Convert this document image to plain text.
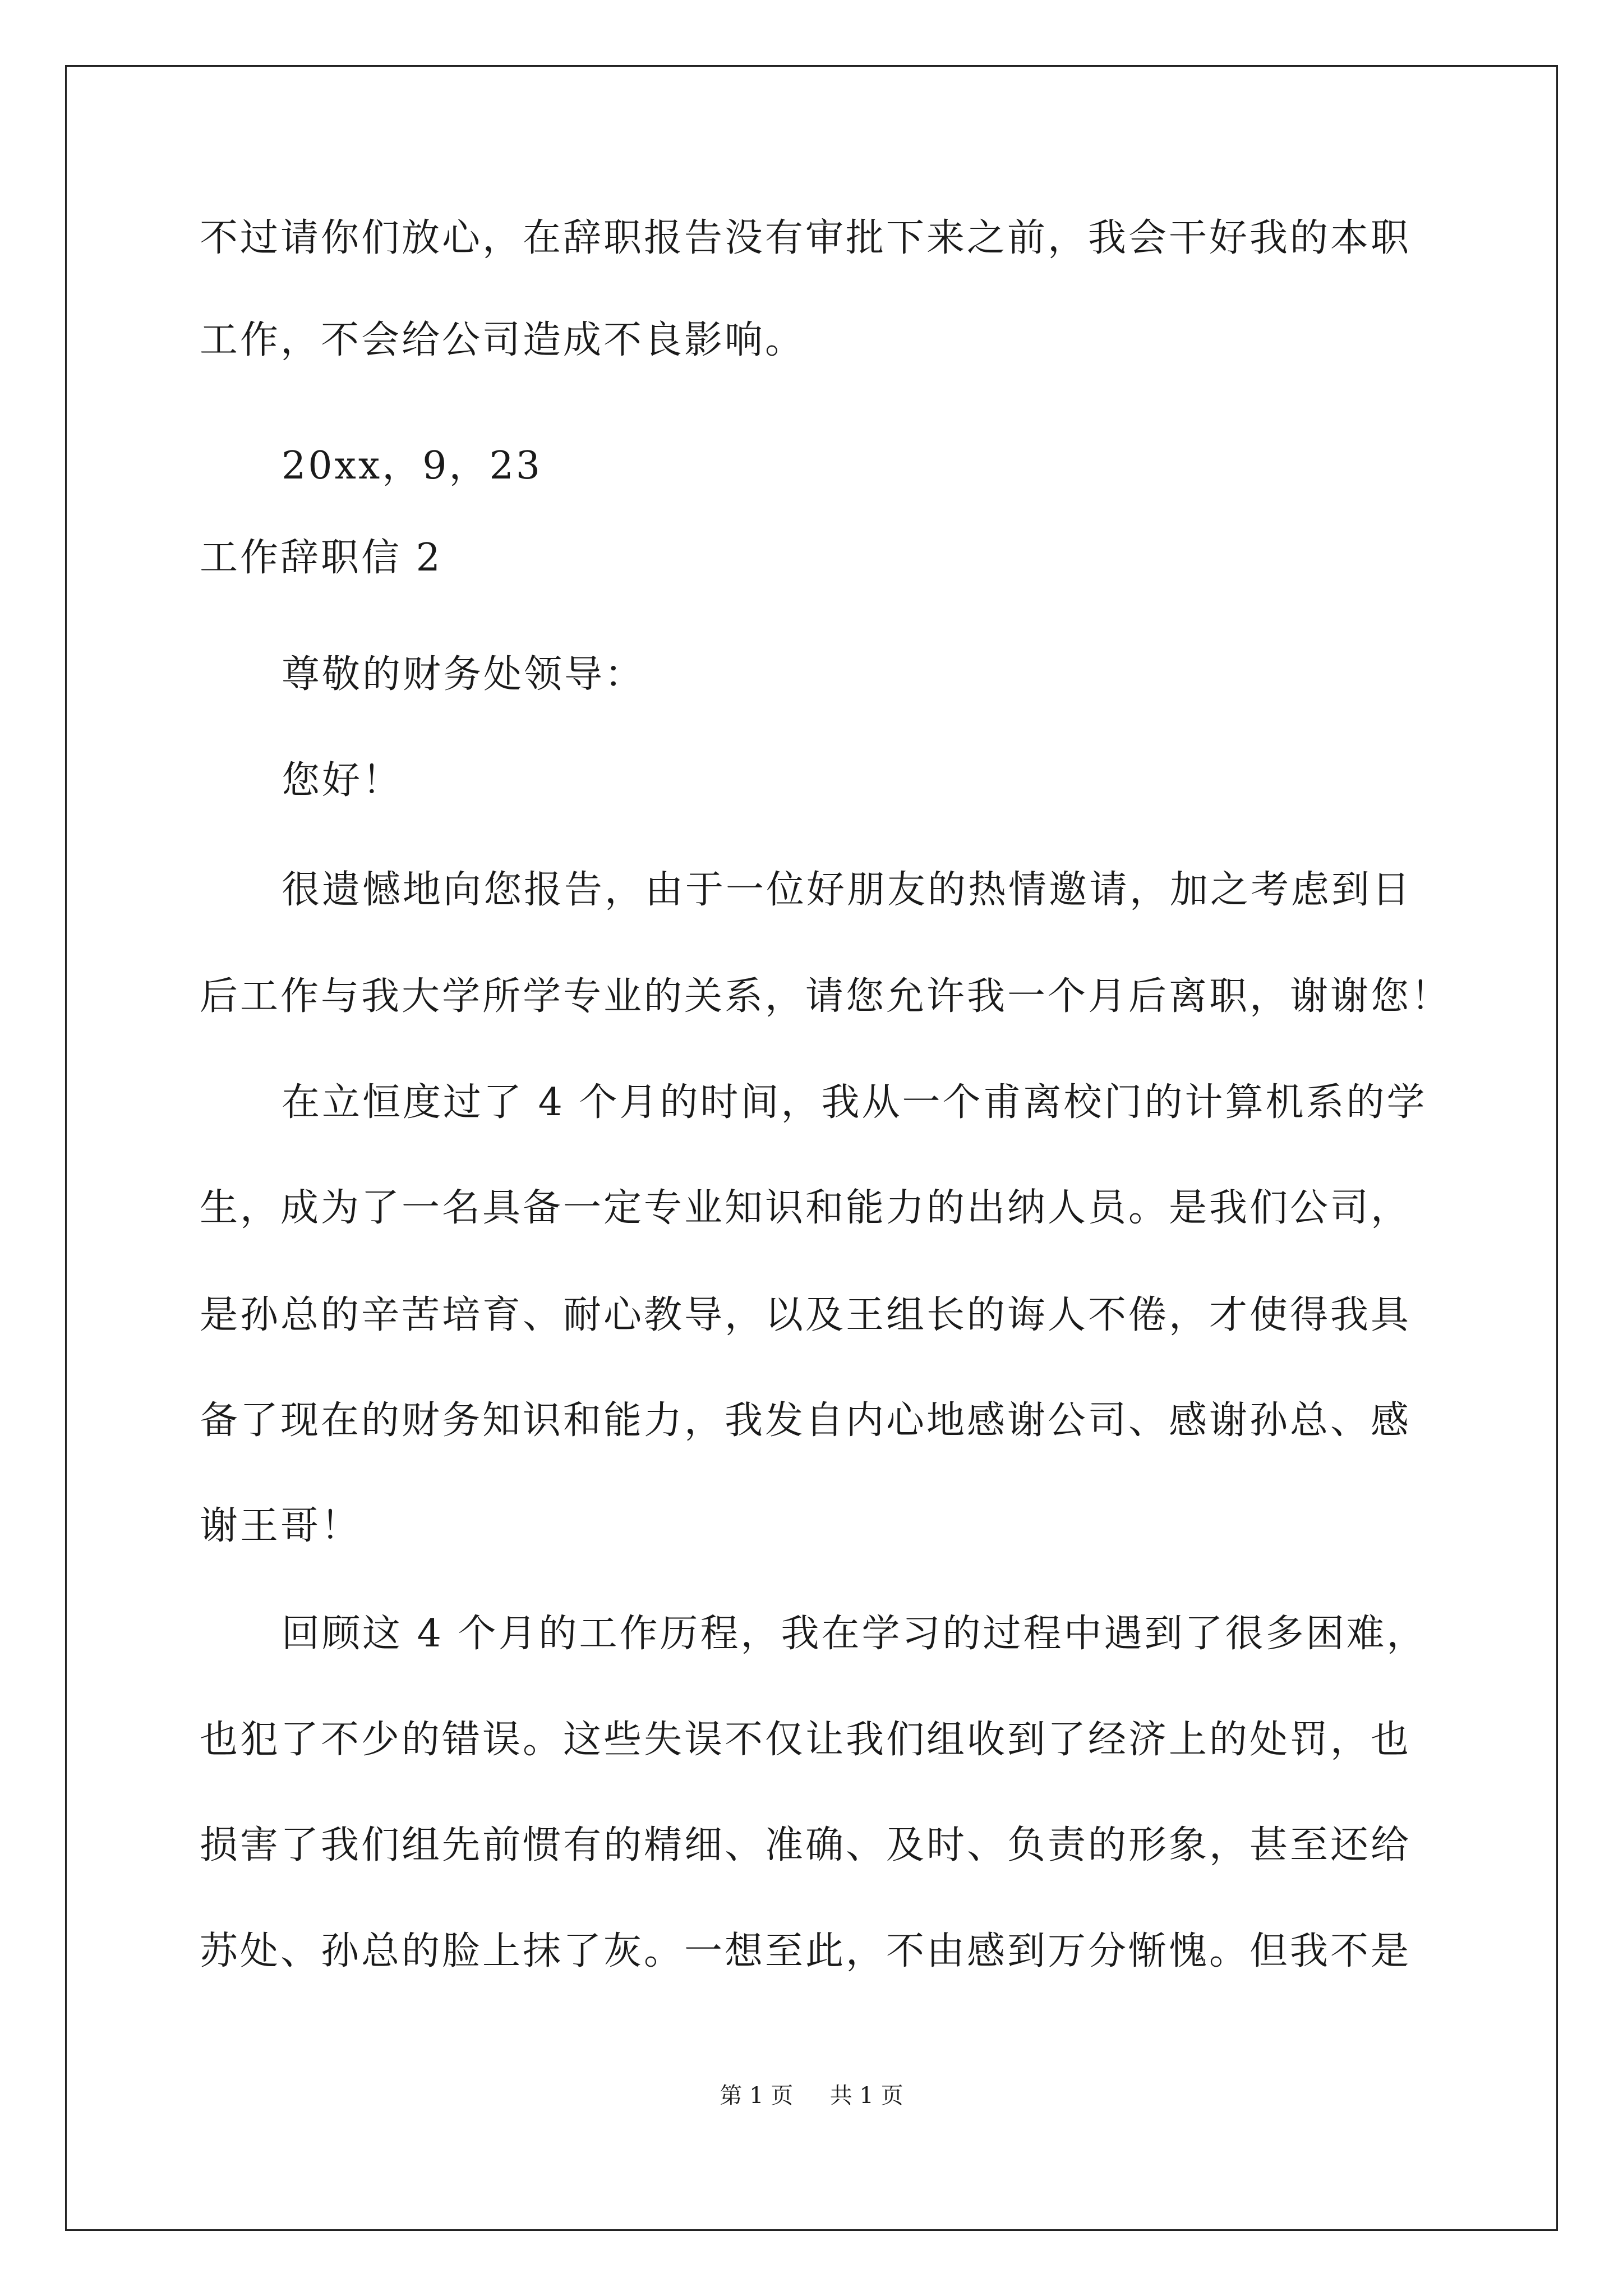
不过请你们放心，在辞职报告没有审批下来之前，我会干好我的本职
工作，不会给公司造成不良影响。
20xx，9，23
工作辞职信 2
尊敬的财务处领导：
您好！
很遗憾地向您报告，由于一位好朋友的热情邀请，加之考虑到日
后工作与我大学所学专业的关系，请您允许我一个月后离职，谢谢您！
在立恒度过了 4 个月的时间，我从一个甫离校门的计算机系的学
生，成为了一名具备一定专业知识和能力的出纳人员。是我们公司，
是孙总的辛苦培育、耐心教导，以及王组长的诲人不倦，才使得我具
备了现在的财务知识和能力，我发自内心地感谢公司、感谢孙总、感
谢王哥！
回顾这 4 个月的工作历程，我在学习的过程中遇到了很多困难，
也犯了不少的错误。这些失误不仅让我们组收到了经济上的处罚，也
损害了我们组先前惯有的精细、准确、及时、负责的形象，甚至还给
苏处、孙总的脸上抹了灰。一想至此，不由感到万分惭愧。但我不是
第 1 页 共 1 页
